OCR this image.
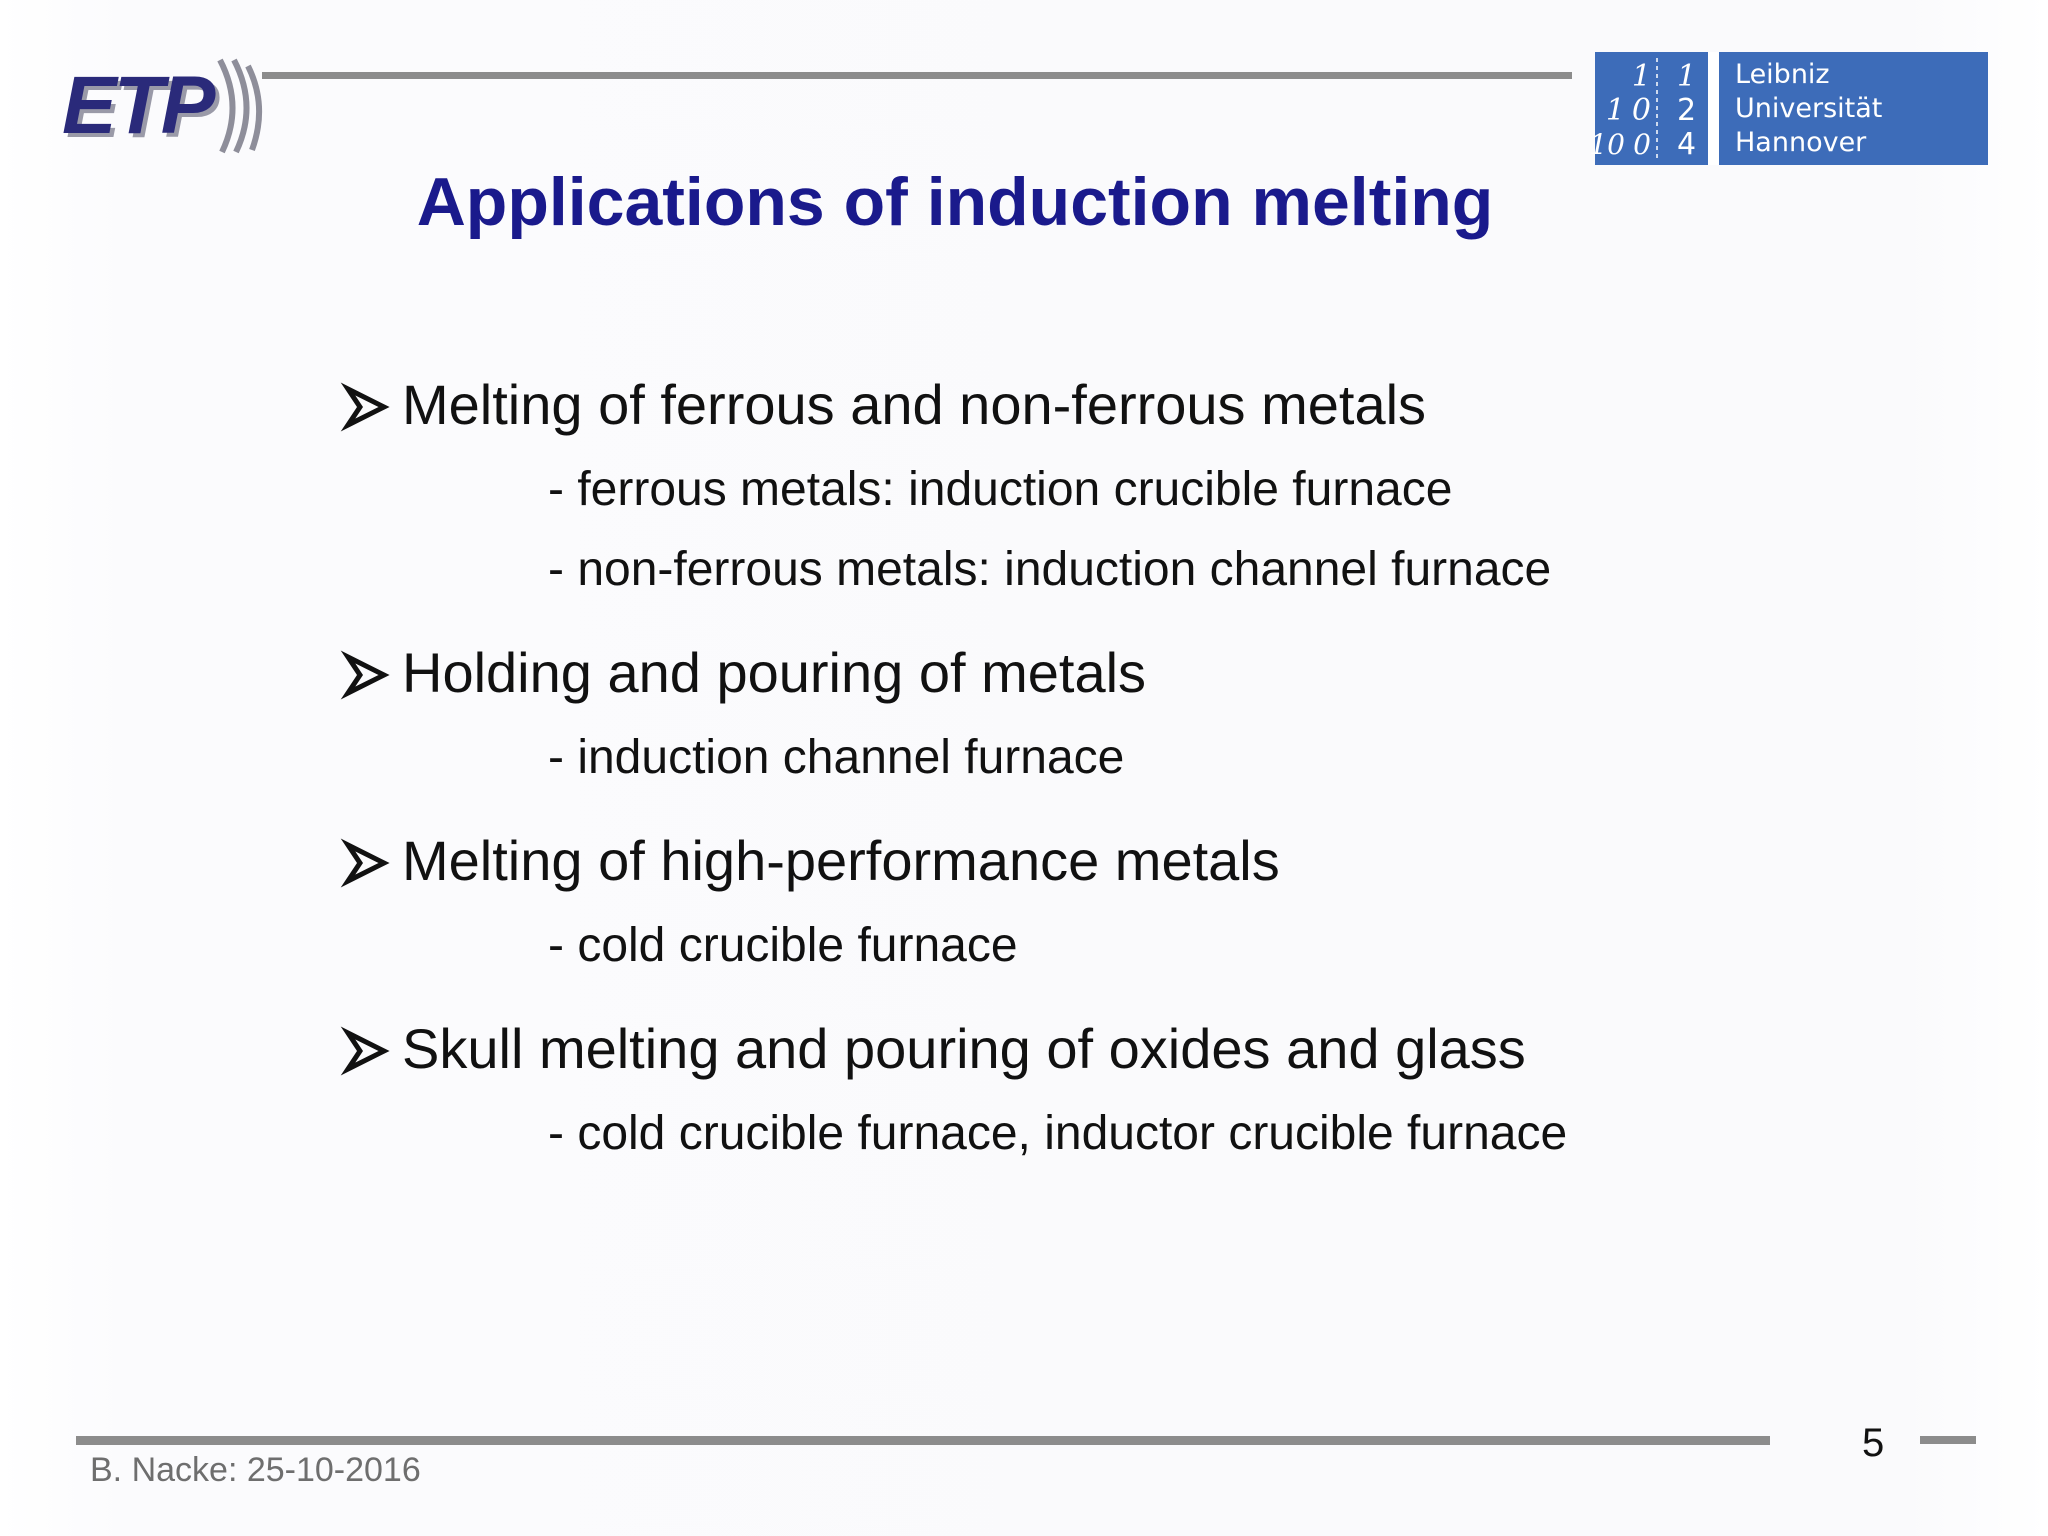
ETP	1 1
1 0 2
10 0 4
Leibniz
Universität
Hannover
Applications of induction melting
Melting of ferrous and non-ferrous metals
- ferrous metals: induction crucible furnace
- non-ferrous metals: induction channel furnace
Holding and pouring of metals
- induction channel furnace
Melting of high-performance metals
- cold crucible furnace
Skull melting and pouring of oxides and glass
- cold crucible furnace, inductor crucible furnace
B. Nacke: 25-10-2016
5
